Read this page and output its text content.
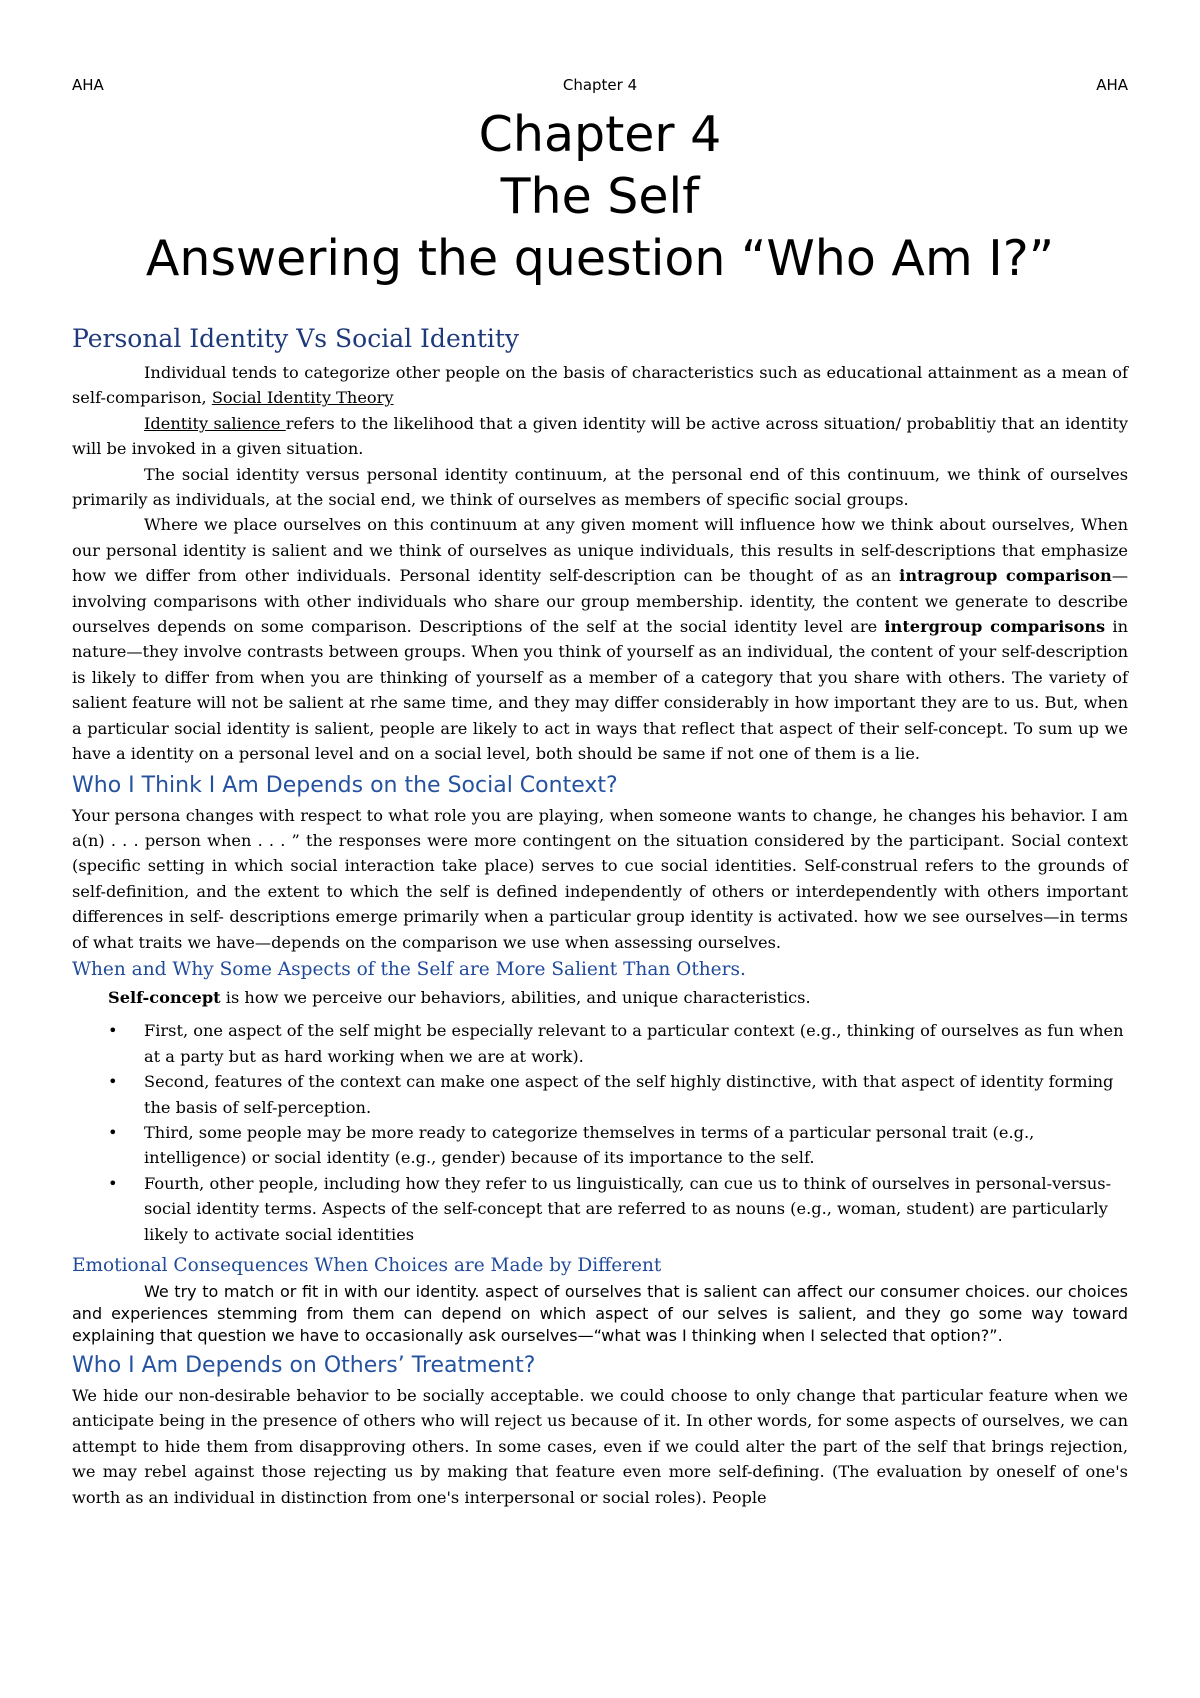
AHA	Chapter 4	AHA
Chapter 4
The Self
Answering the question “Who Am I?”
Personal Identity Vs Social Identity

Individual tends to categorize other people on the basis of characteristics such as educational attainment as a mean of self-comparison, Social Identity Theory

Identity salience refers to the likelihood that a given identity will be active across situation/ probablitiy that an identity will be invoked in a given situation.

The social identity versus personal identity continuum, at the personal end of this continuum, we think of ourselves primarily as individuals, at the social end, we think of ourselves as members of specific social groups.

Where we place ourselves on this continuum at any given moment will influence how we think about ourselves, When our personal identity is salient and we think of ourselves as unique individuals, this results in self-descriptions that emphasize how we differ from other individuals. Personal identity self-description can be thought of as an intragroup comparison—involving comparisons with other individuals who share our group membership. identity, the content we generate to describe ourselves depends on some comparison. Descriptions of the self at the social identity level are intergroup comparisons in nature—they involve contrasts between groups. When you think of yourself as an individual, the content of your self-description is likely to differ from when you are thinking of yourself as a member of a category that you share with others. The variety of salient feature will not be salient at rhe same time, and they may differ considerably in how important they are to us. But, when a particular social identity is salient, people are likely to act in ways that reflect that aspect of their self-concept. To sum up we have a identity on a personal level and on a social level, both should be same if not one of them is a lie.

Who I Think I Am Depends on the Social Context?

Your persona changes with respect to what role you are playing, when someone wants to change, he changes his behavior. I am a(n) . . . person when . . . ” the responses were more contingent on the situation considered by the participant. Social context (specific setting in which social interaction take place) serves to cue social identities. Self-construal refers to the grounds of self-definition, and the extent to which the self is defined independently of others or interdependently with others important differences in self- descriptions emerge primarily when a particular group identity is activated. how we see ourselves—in terms of what traits we have—depends on the comparison we use when assessing ourselves.

When and Why Some Aspects of the Self are More Salient Than Others.

Self-concept is how we perceive our behaviors, abilities, and unique characteristics.

• First, one aspect of the self might be especially relevant to a particular context (e.g., thinking of ourselves as fun when at a party but as hard working when we are at work).
• Second, features of the context can make one aspect of the self highly distinctive, with that aspect of identity forming the basis of self-perception.
• Third, some people may be more ready to categorize themselves in terms of a particular personal trait (e.g., intelligence) or social identity (e.g., gender) because of its importance to the self.
• Fourth, other people, including how they refer to us linguistically, can cue us to think of ourselves in personal-versus-social identity terms. Aspects of the self-concept that are referred to as nouns (e.g., woman, student) are particularly likely to activate social identities
Emotional Consequences When Choices are Made by Different

We try to match or fit in with our identity. aspect of ourselves that is salient can affect our consumer choices. our choices and experiences stemming from them can depend on which aspect of our selves is salient, and they go some way toward explaining that question we have to occasionally ask ourselves—“what was I thinking when I selected that option?”.

Who I Am Depends on Others’ Treatment?

We hide our non-desirable behavior to be socially acceptable. we could choose to only change that particular feature when we anticipate being in the presence of others who will reject us because of it. In other words, for some aspects of ourselves, we can attempt to hide them from disapproving others. In some cases, even if we could alter the part of the self that brings rejection, we may rebel against those rejecting us by making that feature even more self-defining. (The evaluation by oneself of one's worth as an individual in distinction from one's interpersonal or social roles). People
